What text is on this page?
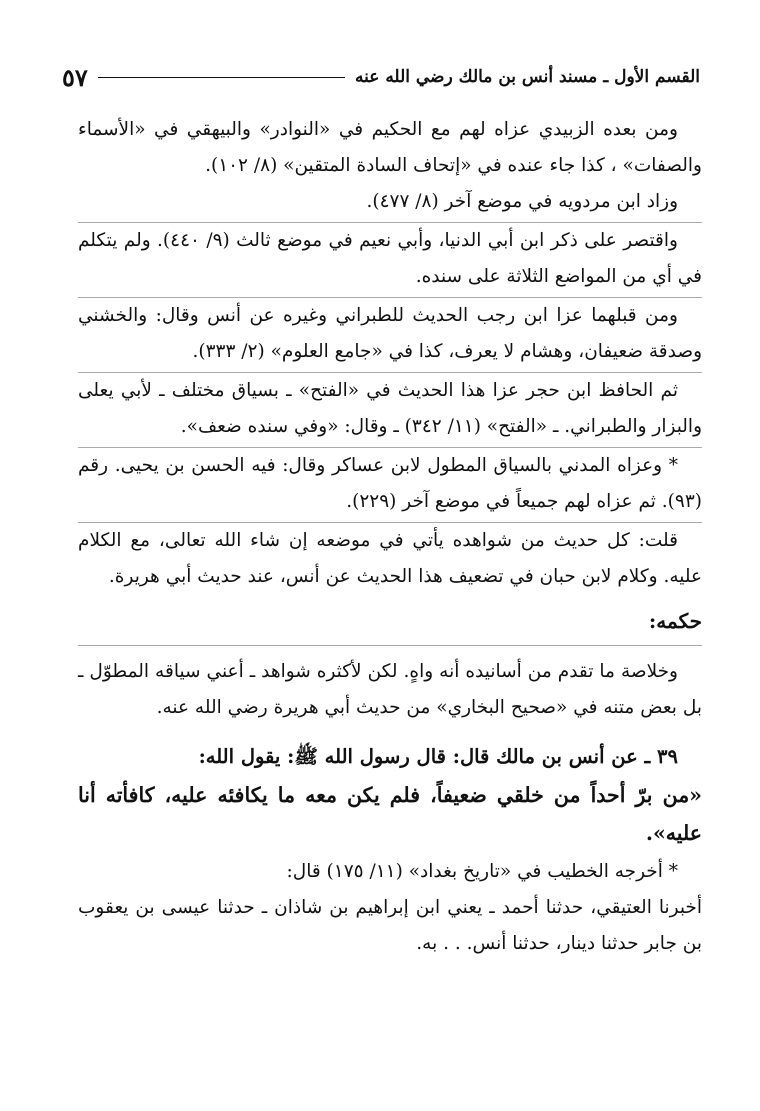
القسم الأول ـ مسند أنس بن مالك رضي الله عنه
٥٧

ومن بعده الزبيدي عزاه لهم مع الحكيم في «النوادر» والبيهقي في «الأسماء والصفات» ، كذا جاء عنده في «إتحاف السادة المتقين» (٨/ ١٠٢).

وزاد ابن مردويه في موضع آخر (٨/ ٤٧٧).

واقتصر على ذكر ابن أبي الدنيا، وأبي نعيم في موضع ثالث (٩/ ٤٤٠). ولم يتكلم في أي من المواضع الثلاثة على سنده.

ومن قبلهما عزا ابن رجب الحديث للطبراني وغيره عن أنس وقال: والخشني وصدقة ضعيفان، وهشام لا يعرف، كذا في «جامع العلوم» (٢/ ٣٣٣).

ثم الحافظ ابن حجر عزا هذا الحديث في «الفتح» ـ بسياق مختلف ـ لأبي يعلى والبزار والطبراني. ـ «الفتح» (١١/ ٣٤٢) ـ وقال: «وفي سنده ضعف».

* وعزاه المدني بالسياق المطول لابن عساكر وقال: فيه الحسن بن يحيى. رقم (٩٣). ثم عزاه لهم جميعاً في موضع آخر (٢٢٩).

قلت: كل حديث من شواهده يأتي في موضعه إن شاء الله تعالى، مع الكلام عليه. وكلام لابن حبان في تضعيف هذا الحديث عن أنس، عند حديث أبي هريرة.

حكمه:

وخلاصة ما تقدم من أسانيده أنه واهٍ. لكن لأكثره شواهد ـ أعني سياقه المطوّل ـ بل بعض متنه في «صحيح البخاري» من حديث أبي هريرة رضي الله عنه.

٣٩ ـ عن أنس بن مالك قال: قال رسول الله ﷺ: يقول الله:

«من برّ أحداً من خلقي ضعيفاً، فلم يكن معه ما يكافئه عليه، كافأته أنا عليه».

* أخرجه الخطيب في «تاريخ بغداد» (١١/ ١٧٥) قال:

أخبرنا العتيقي، حدثنا أحمد ـ يعني ابن إبراهيم بن شاذان ـ حدثنا عيسى بن يعقوب بن جابر حدثنا دينار، حدثنا أنس. . . به.
